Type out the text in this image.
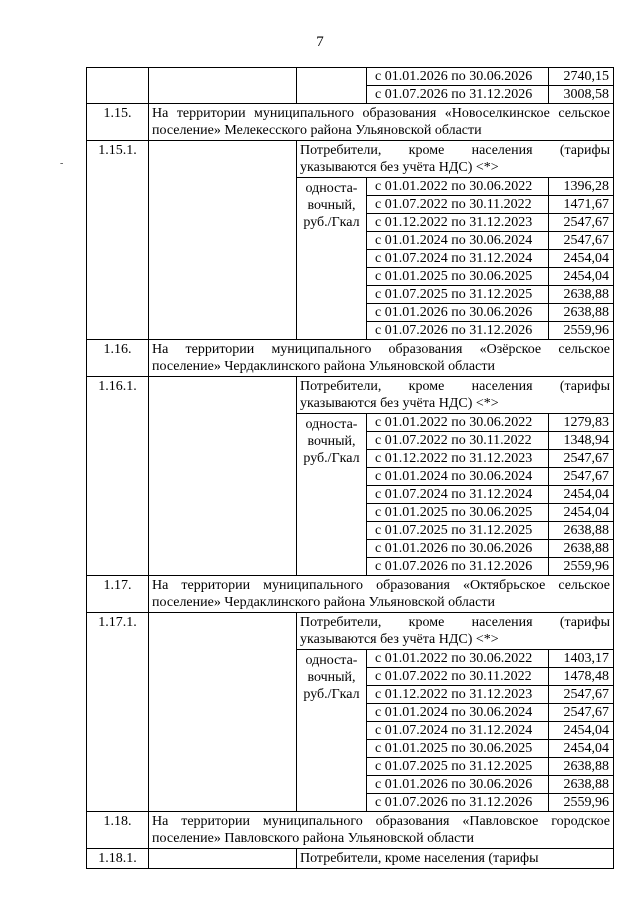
7
-
			с 01.01.2026 по 30.06.2026	2740,15
			с 01.07.2026 по 31.12.2026	3008,58
1.15.	На территории муниципального образования «Новоселкинское сельское поселение» Мелекесского района Ульяновской области			
1.15.1.		Потребители, кроме населения (тарифы указываются без учёта НДС) <*>		
		односта-вочный, руб./Гкал	с 01.01.2022 по 30.06.2022	1396,28
			с 01.07.2022 по 30.11.2022	1471,67
			с 01.12.2022 по 31.12.2023	2547,67
			с 01.01.2024 по 30.06.2024	2547,67
			с 01.07.2024 по 31.12.2024	2454,04
			с 01.01.2025 по 30.06.2025	2454,04
			с 01.07.2025 по 31.12.2025	2638,88
			с 01.01.2026 по 30.06.2026	2638,88
			с 01.07.2026 по 31.12.2026	2559,96
1.16.	На территории муниципального образования «Озёрское сельское поселение» Чердаклинского района Ульяновской области			
1.16.1.		Потребители, кроме населения (тарифы указываются без учёта НДС) <*>		
		односта-вочный, руб./Гкал	с 01.01.2022 по 30.06.2022	1279,83
			с 01.07.2022 по 30.11.2022	1348,94
			с 01.12.2022 по 31.12.2023	2547,67
			с 01.01.2024 по 30.06.2024	2547,67
			с 01.07.2024 по 31.12.2024	2454,04
			с 01.01.2025 по 30.06.2025	2454,04
			с 01.07.2025 по 31.12.2025	2638,88
			с 01.01.2026 по 30.06.2026	2638,88
			с 01.07.2026 по 31.12.2026	2559,96
1.17.	На территории муниципального образования «Октябрьское сельское поселение» Чердаклинского района Ульяновской области			
1.17.1.		Потребители, кроме населения (тарифы указываются без учёта НДС) <*>		
		односта-вочный, руб./Гкал	с 01.01.2022 по 30.06.2022	1403,17
			с 01.07.2022 по 30.11.2022	1478,48
			с 01.12.2022 по 31.12.2023	2547,67
			с 01.01.2024 по 30.06.2024	2547,67
			с 01.07.2024 по 31.12.2024	2454,04
			с 01.01.2025 по 30.06.2025	2454,04
			с 01.07.2025 по 31.12.2025	2638,88
			с 01.01.2026 по 30.06.2026	2638,88
			с 01.07.2026 по 31.12.2026	2559,96
1.18.	На территории муниципального образования «Павловское городское поселение» Павловского района Ульяновской области			
1.18.1.		Потребители, кроме населения (тарифы		
